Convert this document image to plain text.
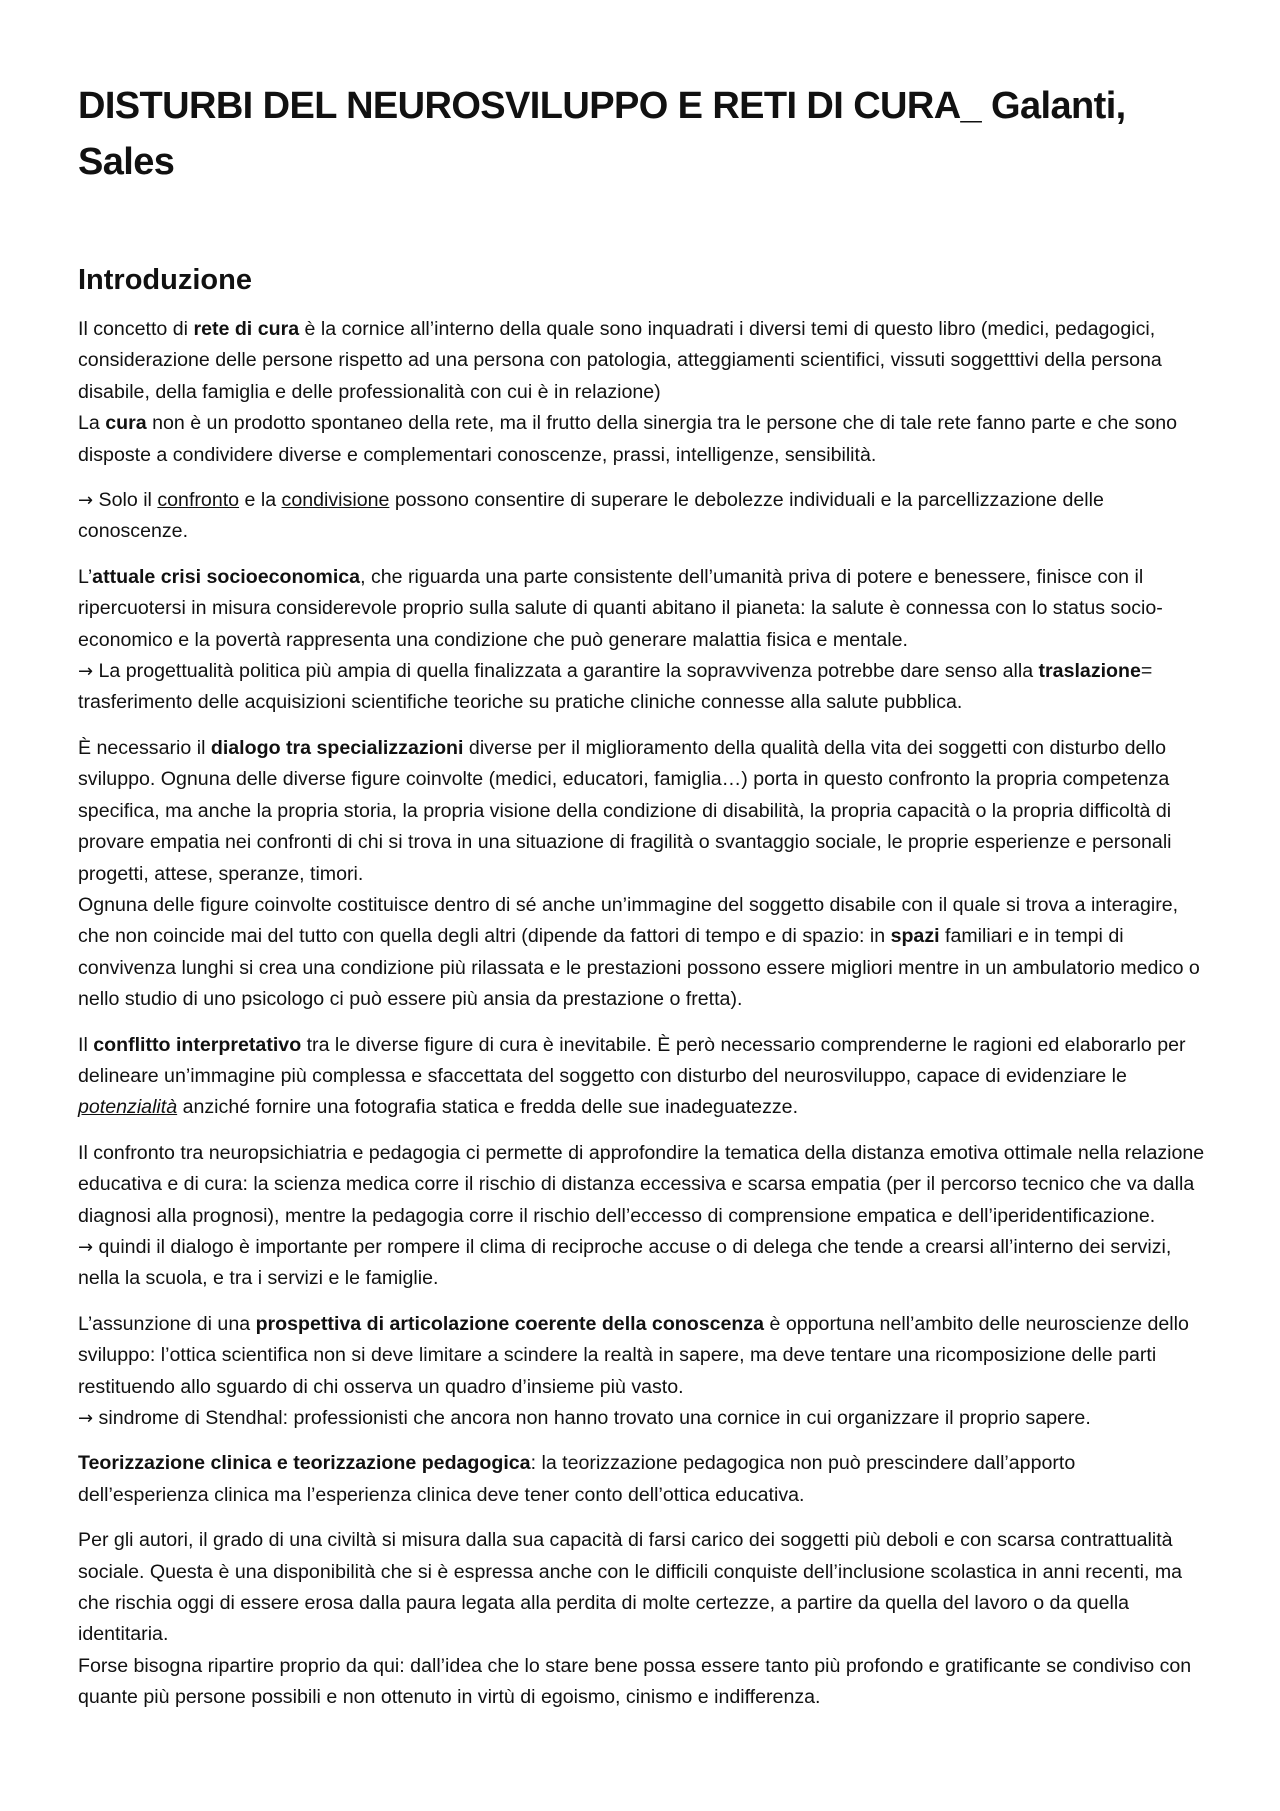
DISTURBI DEL NEUROSVILUPPO E RETI DI CURA_ Galanti, Sales
Introduzione

Il concetto di rete di cura è la cornice all’interno della quale sono inquadrati i diversi temi di questo libro (medici, pedagogici, considerazione delle persone rispetto ad una persona con patologia, atteggiamenti scientifici, vissuti soggetttivi della persona disabile, della famiglia e delle professionalità con cui è in relazione)
La cura non è un prodotto spontaneo della rete, ma il frutto della sinergia tra le persone che di tale rete fanno parte e che sono disposte a condividere diverse e complementari conoscenze, prassi, intelligenze, sensibilità.

→ Solo il confronto e la condivisione possono consentire di superare le debolezze individuali e la parcellizzazione delle conoscenze.

L’attuale crisi socioeconomica, che riguarda una parte consistente dell’umanità priva di potere e benessere, finisce con il ripercuotersi in misura considerevole proprio sulla salute di quanti abitano il pianeta: la salute è connessa con lo status socio-economico e la povertà rappresenta una condizione che può generare malattia fisica e mentale.
→ La progettualità politica più ampia di quella finalizzata a garantire la sopravvivenza potrebbe dare senso alla traslazione= trasferimento delle acquisizioni scientifiche teoriche su pratiche cliniche connesse alla salute pubblica.

È necessario il dialogo tra specializzazioni diverse per il miglioramento della qualità della vita dei soggetti con disturbo dello sviluppo. Ognuna delle diverse figure coinvolte (medici, educatori, famiglia…) porta in questo confronto la propria competenza specifica, ma anche la propria storia, la propria visione della condizione di disabilità, la propria capacità o la propria difficoltà di provare empatia nei confronti di chi si trova in una situazione di fragilità o svantaggio sociale, le proprie esperienze e personali progetti, attese, speranze, timori.
Ognuna delle figure coinvolte costituisce dentro di sé anche un’immagine del soggetto disabile con il quale si trova a interagire, che non coincide mai del tutto con quella degli altri (dipende da fattori di tempo e di spazio: in spazi familiari e in tempi di convivenza lunghi si crea una condizione più rilassata e le prestazioni possono essere migliori mentre in un ambulatorio medico o nello studio di uno psicologo ci può essere più ansia da prestazione o fretta).

Il conflitto interpretativo tra le diverse figure di cura è inevitabile. È però necessario comprenderne le ragioni ed elaborarlo per delineare un’immagine più complessa e sfaccettata del soggetto con disturbo del neurosviluppo, capace di evidenziare le potenzialità anziché fornire una fotografia statica e fredda delle sue inadeguatezze.

Il confronto tra neuropsichiatria e pedagogia ci permette di approfondire la tematica della distanza emotiva ottimale nella relazione educativa e di cura: la scienza medica corre il rischio di distanza eccessiva e scarsa empatia (per il percorso tecnico che va dalla diagnosi alla prognosi), mentre la pedagogia corre il rischio dell’eccesso di comprensione empatica e dell’iperidentificazione.
→ quindi il dialogo è importante per rompere il clima di reciproche accuse o di delega che tende a crearsi all’interno dei servizi, nella la scuola, e tra i servizi e le famiglie.

L’assunzione di una prospettiva di articolazione coerente della conoscenza è opportuna nell’ambito delle neuroscienze dello sviluppo: l’ottica scientifica non si deve limitare a scindere la realtà in sapere, ma deve tentare una ricomposizione delle parti restituendo allo sguardo di chi osserva un quadro d’insieme più vasto.
→ sindrome di Stendhal: professionisti che ancora non hanno trovato una cornice in cui organizzare il proprio sapere.

Teorizzazione clinica e teorizzazione pedagogica: la teorizzazione pedagogica non può prescindere dall’apporto dell’esperienza clinica ma l’esperienza clinica deve tener conto dell’ottica educativa.

Per gli autori, il grado di una civiltà si misura dalla sua capacità di farsi carico dei soggetti più deboli e con scarsa contrattualità sociale. Questa è una disponibilità che si è espressa anche con le difficili conquiste dell’inclusione scolastica in anni recenti, ma che rischia oggi di essere erosa dalla paura legata alla perdita di molte certezze, a partire da quella del lavoro o da quella identitaria.
Forse bisogna ripartire proprio da qui: dall’idea che lo stare bene possa essere tanto più profondo e gratificante se condiviso con quante più persone possibili e non ottenuto in virtù di egoismo, cinismo e indifferenza.
